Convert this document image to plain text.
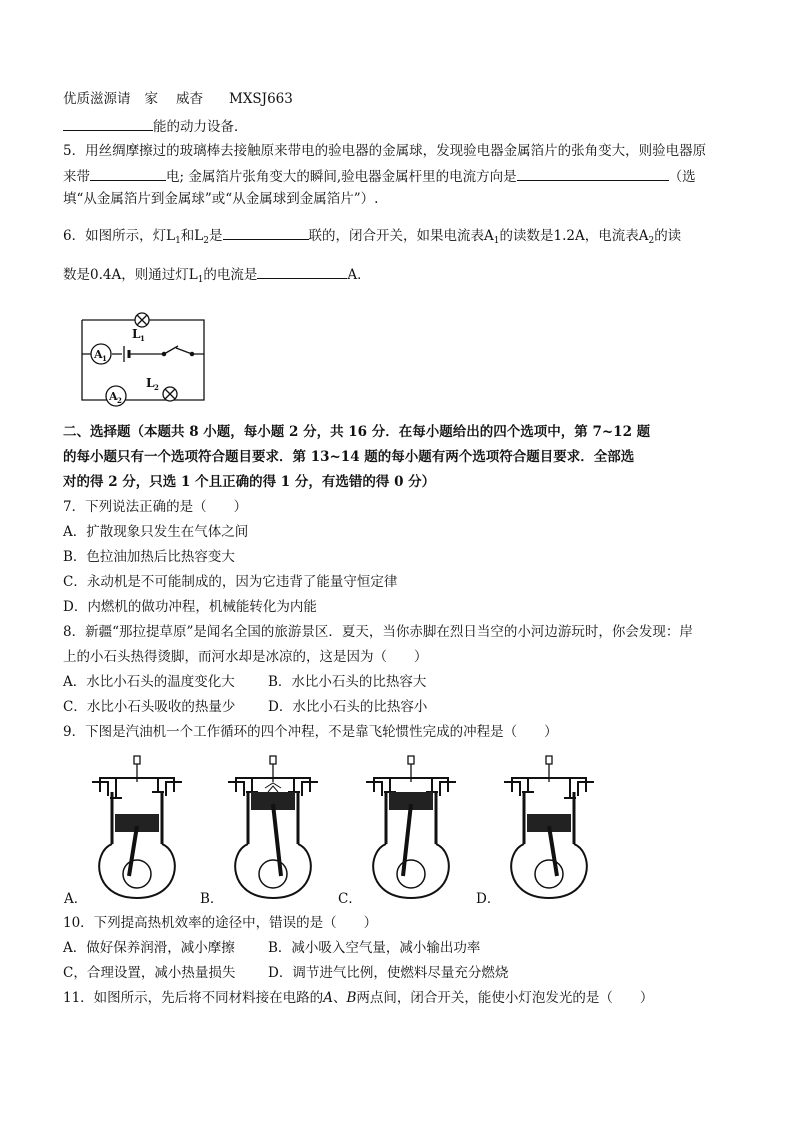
优质滋源请 家 威杳 MXSJ663
能的动力设备．
5．用丝绸摩擦过的玻璃棒去接触原来带电的验电器的金属球，发现验电器金属箔片的张角变大，则验电器原
来带	电; 金属箔片张角变大的瞬间,验电器金属杆里的电流方向是	（选
填“从金属箔片到金属球”或“从金属球到金属箔片”）.
6．如图所示，灯$L_1$和$L_2$是	联的，闭合开关，如果电流表$A_1$的读数是1.2A，电流表$A_2$的读
数是0.4A，则通过灯$L_1$的电流是	A．
L 1
L 2
A 1
A 2
二、选择题（本题共 8 小题，每小题 2 分，共 16 分．在每小题给出的四个选项中，第 7~12 题
的每小题只有一个选项符合题目要求．第 13~14 题的每小题有两个选项符合题目要求．全部选
对的得 2 分，只选 1 个且正确的得 1 分，有选错的得 0 分）
7．下列说法正确的是（　　）
A．扩散现象只发生在气体之间
B．色拉油加热后比热容变大
C．永动机是不可能制成的，因为它违背了能量守恒定律
D．内燃机的做功冲程，机械能转化为内能
8．新疆“那拉提草原”是闻名全国的旅游景区．夏天，当你赤脚在烈日当空的小河边游玩时，你会发现：岸
上的小石头热得烫脚，而河水却是冰凉的，这是因为（　　）
A．水比小石头的温度变化大 B．水比小石头的比热容大
C．水比小石头吸收的热量少 D．水比小石头的比热容小
9．下图是汽油机一个工作循环的四个冲程，不是靠飞轮惯性完成的冲程是（　　）
A．	B．	C．	D．
10．下列提高热机效率的途径中，错误的是（　　）
A．做好保养润滑，减小摩擦 B．减小吸入空气量，减小输出功率
C，合理设置，减小热量损失 D．调节进气比例，使燃料尽量充分燃烧
11．如图所示，先后将不同材料接在电路的A、B两点间，闭合开关，能使小灯泡发光的是（　　）
